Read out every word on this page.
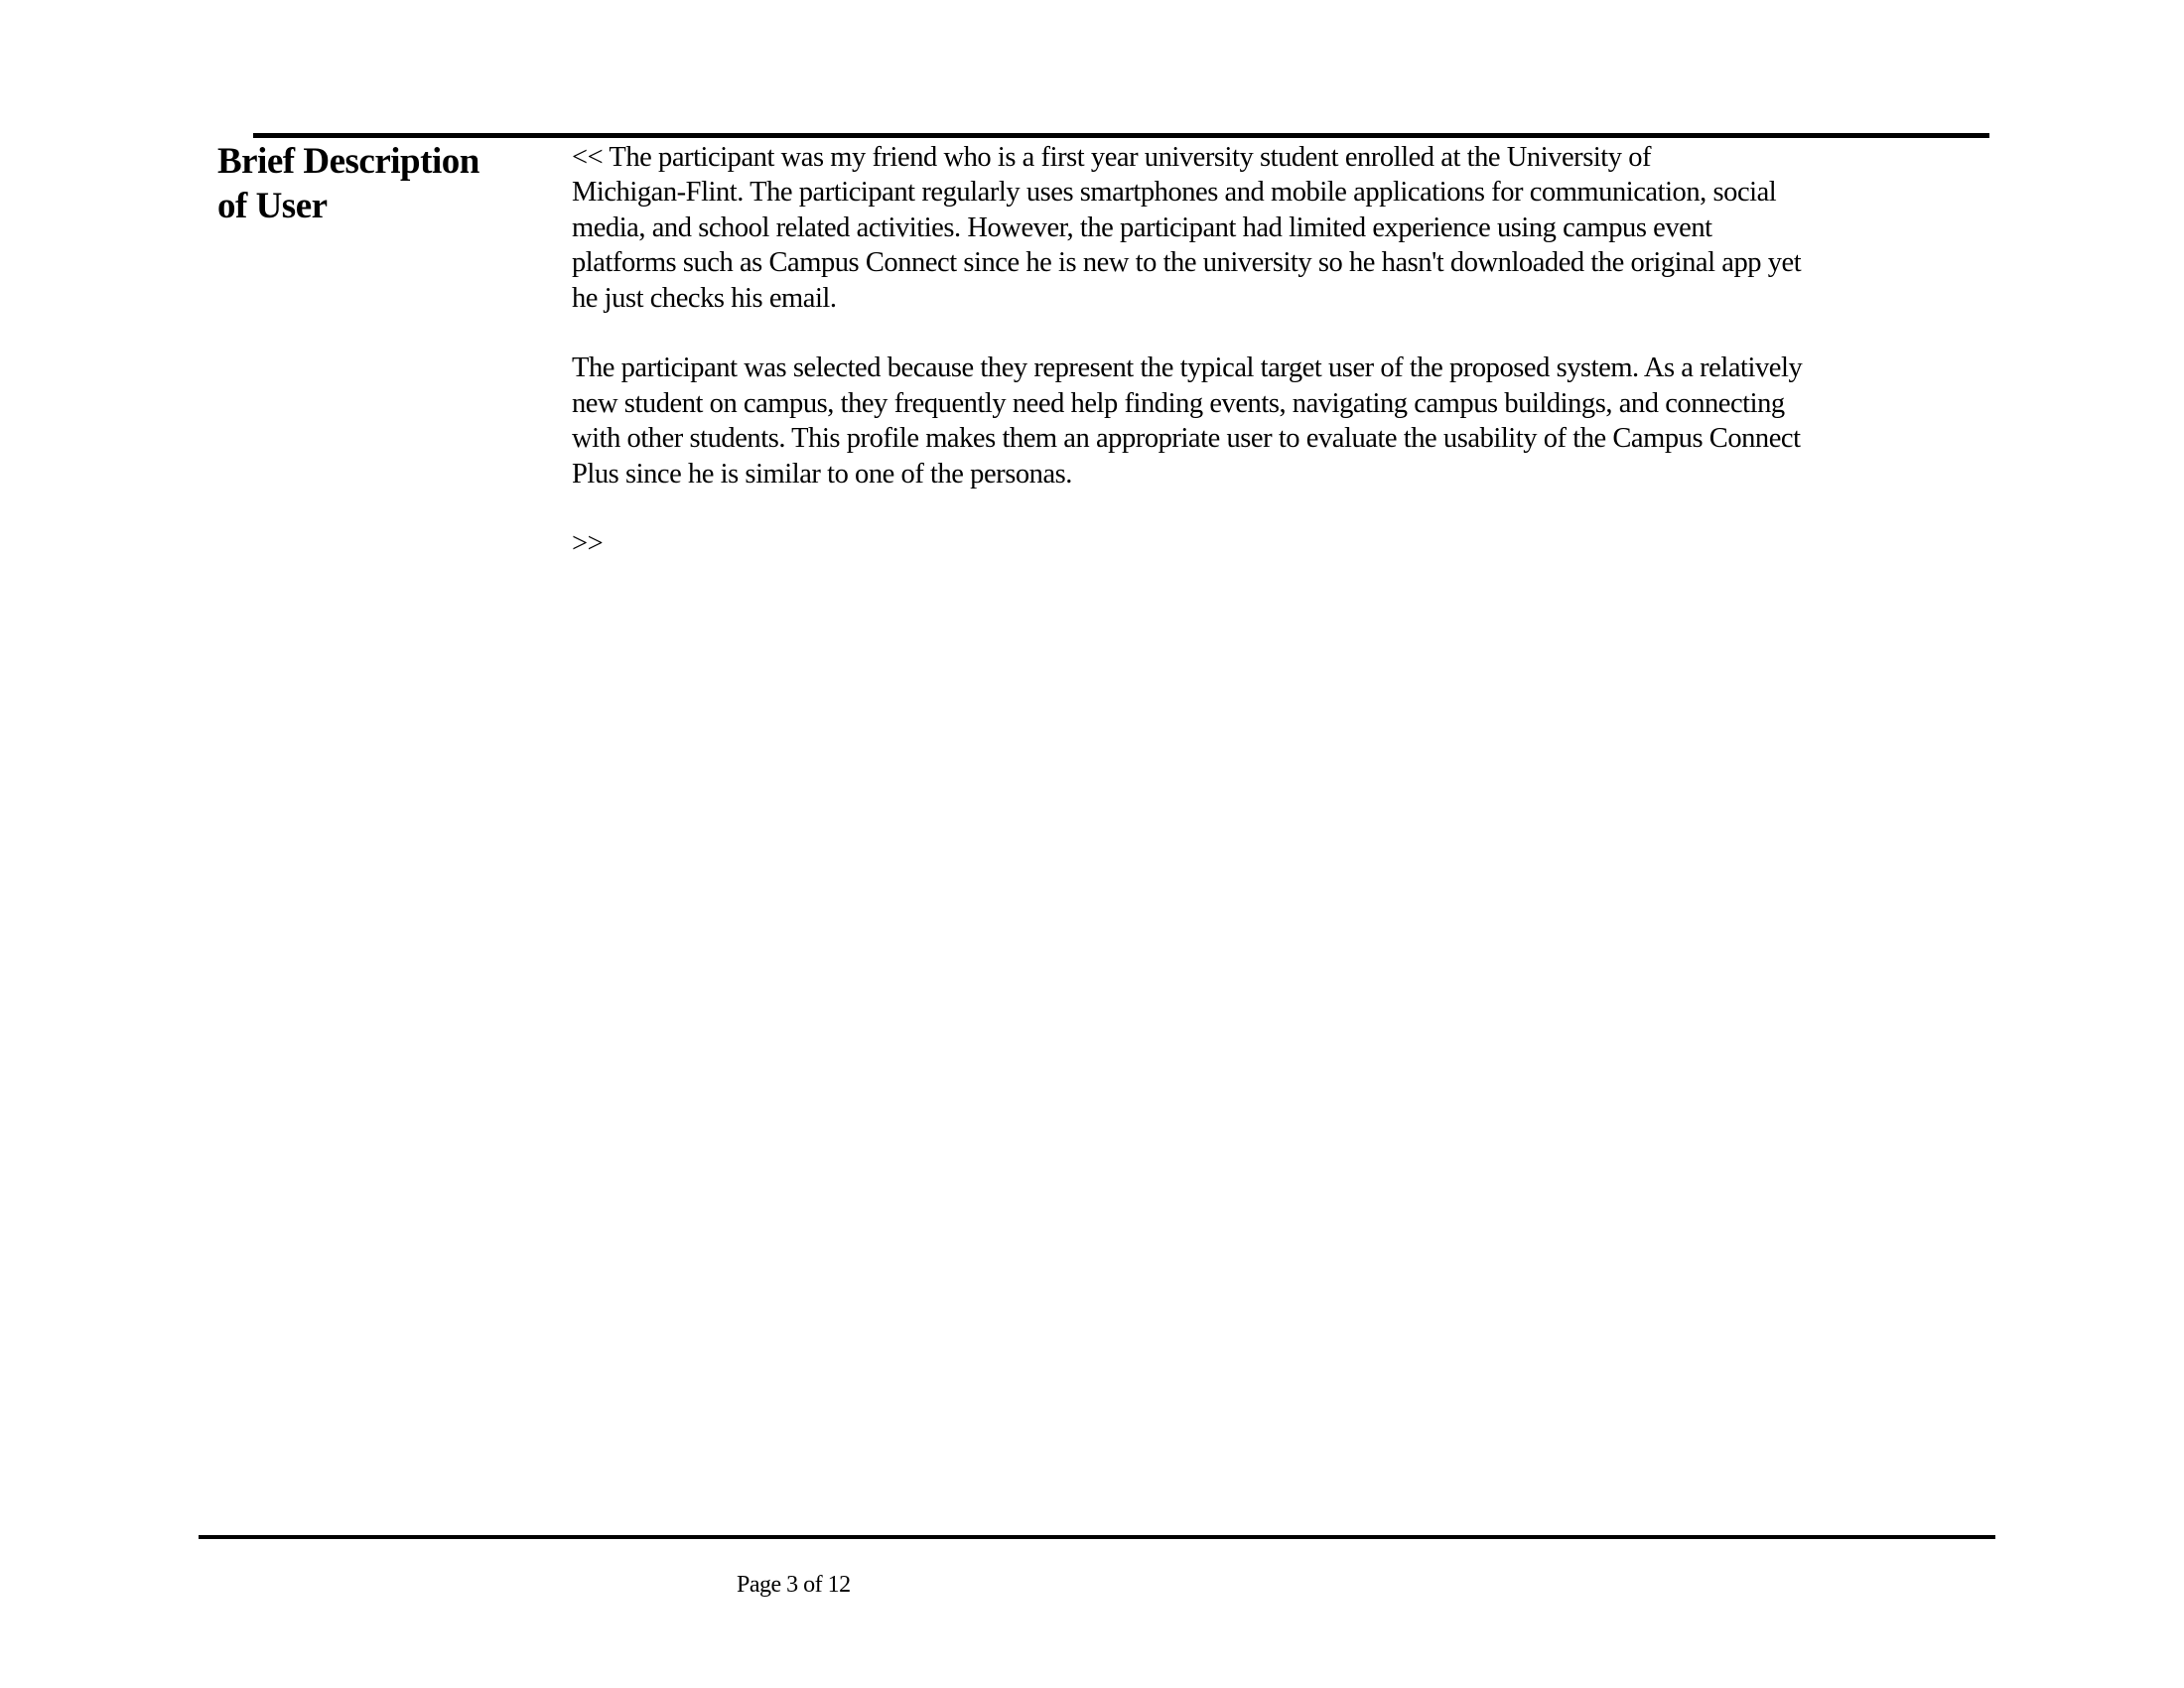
Brief Description
of User
<< The participant was my friend who is a first year university student enrolled at the University of
Michigan-Flint. The participant regularly uses smartphones and mobile applications for communication, social
media, and school related activities. However, the participant had limited experience using campus event
platforms such as Campus Connect since he is new to the university so he hasn't downloaded the original app yet
he just checks his email.
The participant was selected because they represent the typical target user of the proposed system. As a relatively
new student on campus, they frequently need help finding events, navigating campus buildings, and connecting
with other students. This profile makes them an appropriate user to evaluate the usability of the Campus Connect
Plus since he is similar to one of the personas.
>>
Page 3 of 12
